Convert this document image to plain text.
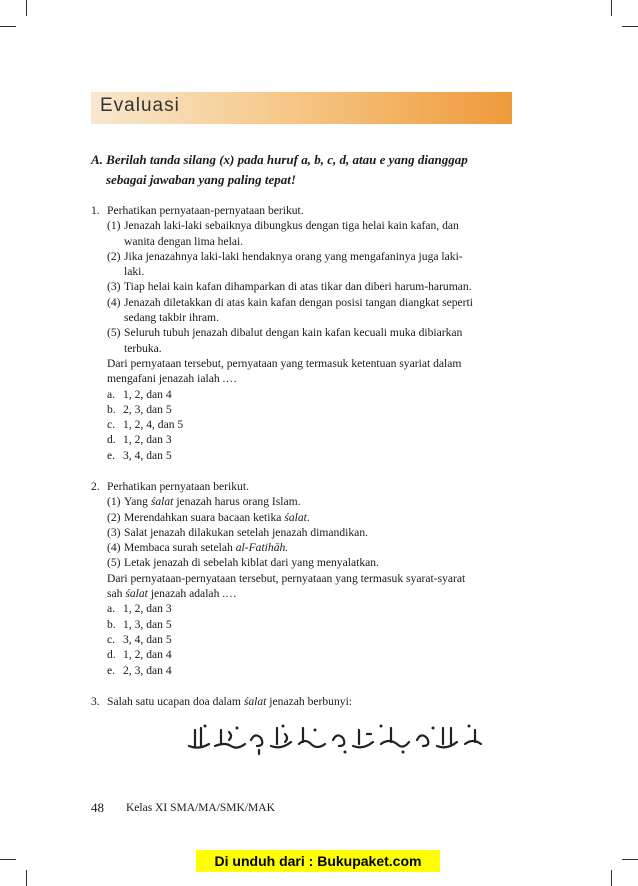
Evaluasi
A. Berilah tanda silang (x) pada huruf a, b, c, d, atau e yang dianggap
sebagai jawaban yang paling tepat!
1. Perhatikan pernyataan-pernyataan berikut.
(1) Jenazah laki-laki sebaiknya dibungkus dengan tiga helai kain kafan, dan
wanita dengan lima helai.
(2) Jika jenazahnya laki-laki hendaknya orang yang mengafaninya juga laki-
laki.
(3) Tiap helai kain kafan dihamparkan di atas tikar dan diberi harum-haruman.
(4) Jenazah diletakkan di atas kain kafan dengan posisi tangan diangkat seperti
sedang takbir ihram.
(5) Seluruh tubuh jenazah dibalut dengan kain kafan kecuali muka dibiarkan
terbuka.
Dari pernyataan tersebut, pernyataan yang termasuk ketentuan syariat dalam
mengafani jenazah ialah .…
a. 1, 2, dan 4
b. 2, 3, dan 5
c. 1, 2, 4, dan 5
d. 1, 2, dan 3
e. 3, 4, dan 5
2. Perhatikan pernyataan berikut.
(1) Yang śalat jenazah harus orang Islam.
(2) Merendahkan suara bacaan ketika śalat.
(3) Salat jenazah dilakukan setelah jenazah dimandikan.
(4) Membaca surah setelah al-Fatihāh.
(5) Letak jenazah di sebelah kiblat dari yang menyalatkan.
Dari pernyataan-pernyataan tersebut, pernyataan yang termasuk syarat-syarat
sah śalat jenazah adalah .…
a. 1, 2, dan 3
b. 1, 3, dan 5
c. 3, 4, dan 5
d. 1, 2, dan 4
e. 2, 3, dan 4
3. Salah satu ucapan doa dalam śalat jenazah berbunyi:
48 Kelas XI SMA/MA/SMK/MAK
Di unduh dari : Bukupaket.com
